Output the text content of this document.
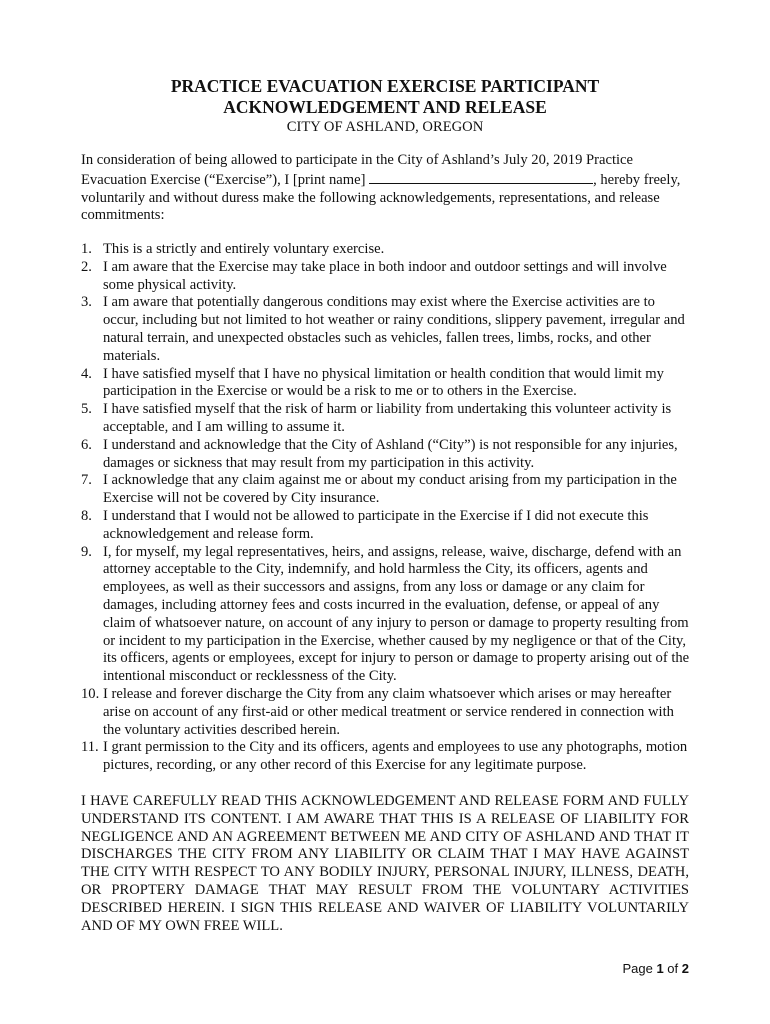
PRACTICE EVACUATION EXERCISE PARTICIPANT
ACKNOWLEDGEMENT AND RELEASE
CITY OF ASHLAND, OREGON

In consideration of being allowed to participate in the City of Ashland’s July 20, 2019 Practice Evacuation Exercise (“Exercise”), I [print name]	, hereby freely, voluntarily and without duress make the following acknowledgements, representations, and release commitments:

1. This is a strictly and entirely voluntary exercise.
2. I am aware that the Exercise may take place in both indoor and outdoor settings and will involve some physical activity.
3. I am aware that potentially dangerous conditions may exist where the Exercise activities are to occur, including but not limited to hot weather or rainy conditions, slippery pavement, irregular and natural terrain, and unexpected obstacles such as vehicles, fallen trees, limbs, rocks, and other materials.
4. I have satisfied myself that I have no physical limitation or health condition that would limit my participation in the Exercise or would be a risk to me or to others in the Exercise.
5. I have satisfied myself that the risk of harm or liability from undertaking this volunteer activity is acceptable, and I am willing to assume it.
6. I understand and acknowledge that the City of Ashland (“City”) is not responsible for any injuries, damages or sickness that may result from my participation in this activity.
7. I acknowledge that any claim against me or about my conduct arising from my participation in the Exercise will not be covered by City insurance.
8. I understand that I would not be allowed to participate in the Exercise if I did not execute this acknowledgement and release form.
9. I, for myself, my legal representatives, heirs, and assigns, release, waive, discharge, defend with an attorney acceptable to the City, indemnify, and hold harmless the City, its officers, agents and employees, as well as their successors and assigns, from any loss or damage or any claim for damages, including attorney fees and costs incurred in the evaluation, defense, or appeal of any claim of whatsoever nature, on account of any injury to person or damage to property resulting from or incident to my participation in the Exercise, whether caused by my negligence or that of the City, its officers, agents or employees, except for injury to person or damage to property arising out of the intentional misconduct or recklessness of the City.
10. I release and forever discharge the City from any claim whatsoever which arises or may hereafter arise on account of any first-aid or other medical treatment or service rendered in connection with the voluntary activities described herein.
11. I grant permission to the City and its officers, agents and employees to use any photographs, motion pictures, recording, or any other record of this Exercise for any legitimate purpose.

I HAVE CAREFULLY READ THIS ACKNOWLEDGEMENT AND RELEASE FORM AND FULLY UNDERSTAND ITS CONTENT. I AM AWARE THAT THIS IS A RELEASE OF LIABILITY FOR NEGLIGENCE AND AN AGREEMENT BETWEEN ME AND CITY OF ASHLAND AND THAT IT DISCHARGES THE CITY FROM ANY LIABILITY OR CLAIM THAT I MAY HAVE AGAINST THE CITY WITH RESPECT TO ANY BODILY INJURY, PERSONAL INJURY, ILLNESS, DEATH, OR PROPTERY DAMAGE THAT MAY RESULT FROM THE VOLUNTARY ACTIVITIES DESCRIBED HEREIN. I SIGN THIS RELEASE AND WAIVER OF LIABILITY VOLUNTARILY AND OF MY OWN FREE WILL.

Page 1 of 2
